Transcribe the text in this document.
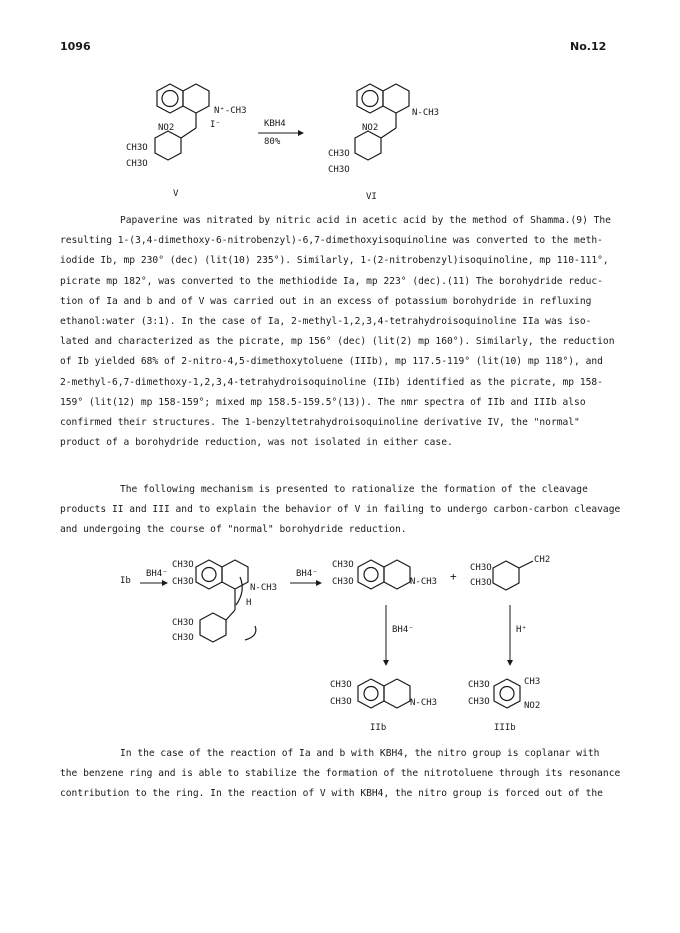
1096	No.12
N⁺-CH3
I⁻
NO2
CH3O
CH3O
V
KBH4
80%
N-CH3
NO2
CH3O
CH3O
VI
Ib
BH4⁻
CH3O
CH3O
N-CH3
H
CH3O
CH3O
BH4⁻
CH3O
CH3O	N-CH3 +
CH3O
CH3O
CH2
BH4⁻	H⁺
CH3O
CH3O	N-CH3
IIb
CH3O
CH3O
CH3
NO2
IIIb
Papaverine was nitrated by nitric acid in acetic acid by the method of Shamma.(9) The
resulting 1-(3,4-dimethoxy-6-nitrobenzyl)-6,7-dimethoxyisoquinoline was converted to the meth-
iodide Ib, mp 230° (dec) (lit(10) 235°). Similarly, 1-(2-nitrobenzyl)isoquinoline, mp 110-111°,
picrate mp 182°, was converted to the methiodide Ia, mp 223° (dec).(11) The borohydride reduc-
tion of Ia and b and of V was carried out in an excess of potassium borohydride in refluxing
ethanol:water (3:1). In the case of Ia, 2-methyl-1,2,3,4-tetrahydroisoquinoline IIa was iso-
lated and characterized as the picrate, mp 156° (dec) (lit(2) mp 160°). Similarly, the reduction
of Ib yielded 68% of 2-nitro-4,5-dimethoxytoluene (IIIb), mp 117.5-119° (lit(10) mp 118°), and
2-methyl-6,7-dimethoxy-1,2,3,4-tetrahydroisoquinoline (IIb) identified as the picrate, mp 158-
159° (lit(12) mp 158-159°; mixed mp 158.5-159.5°(13)). The nmr spectra of IIb and IIIb also
confirmed their structures. The 1-benzyltetrahydroisoquinoline derivative IV, the "normal"
product of a borohydride reduction, was not isolated in either case.
The following mechanism is presented to rationalize the formation of the cleavage
products II and III and to explain the behavior of V in failing to undergo carbon-carbon cleavage
and undergoing the course of "normal" borohydride reduction.
In the case of the reaction of Ia and b with KBH4, the nitro group is coplanar with
the benzene ring and is able to stabilize the formation of the nitrotoluene through its resonance
contribution to the ring. In the reaction of V with KBH4, the nitro group is forced out of the
